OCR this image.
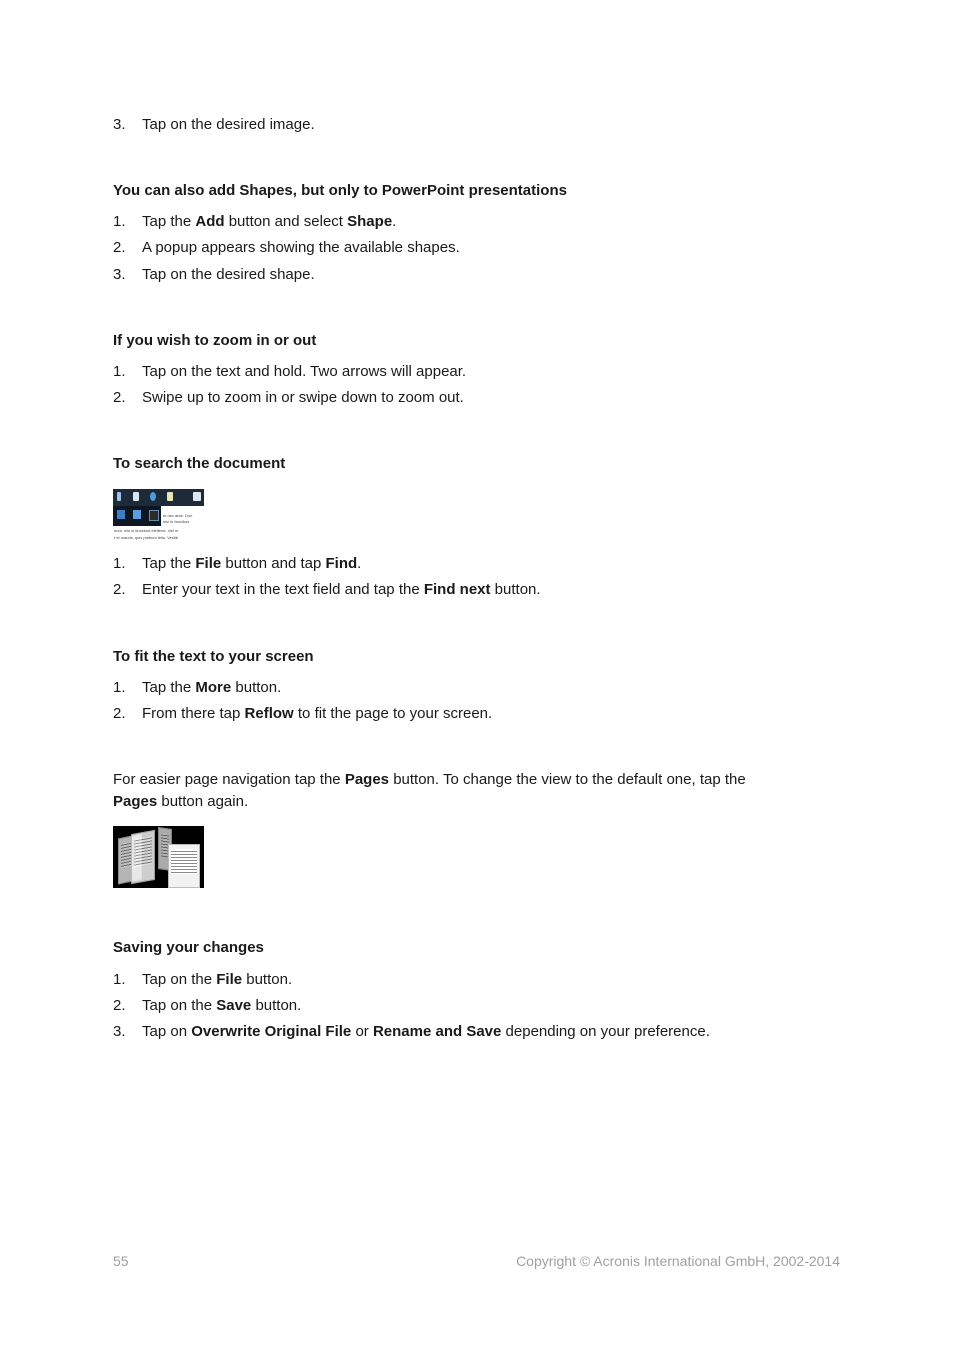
3. Tap on the desired image.
You can also add Shapes, but only to PowerPoint presentations
1. Tap the Add button and select Shape.
2. A popup appears showing the available shapes.
3. Tap on the desired shape.
If you wish to zoom in or out
1. Tap on the text and hold. Two arrows will appear.
2. Swipe up to zoom in or swipe down to zoom out.
To search the document
et nec ante. Don
nisi in faucibus
eum, nisi in tincidunt eleifend, nisl m
t et mauris, quis pretium felis. Vestib
1. Tap the File button and tap Find.
2. Enter your text in the text field and tap the Find next button.
To fit the text to your screen
1. Tap the More button.
2. From there tap Reflow to fit the page to your screen.
For easier page navigation tap the Pages button. To change the view to the default one, tap the
Pages button again.
Saving your changes
1. Tap on the File button.
2. Tap on the Save button.
3. Tap on Overwrite Original File or Rename and Save depending on your preference.
55	Copyright © Acronis International GmbH, 2002-2014
